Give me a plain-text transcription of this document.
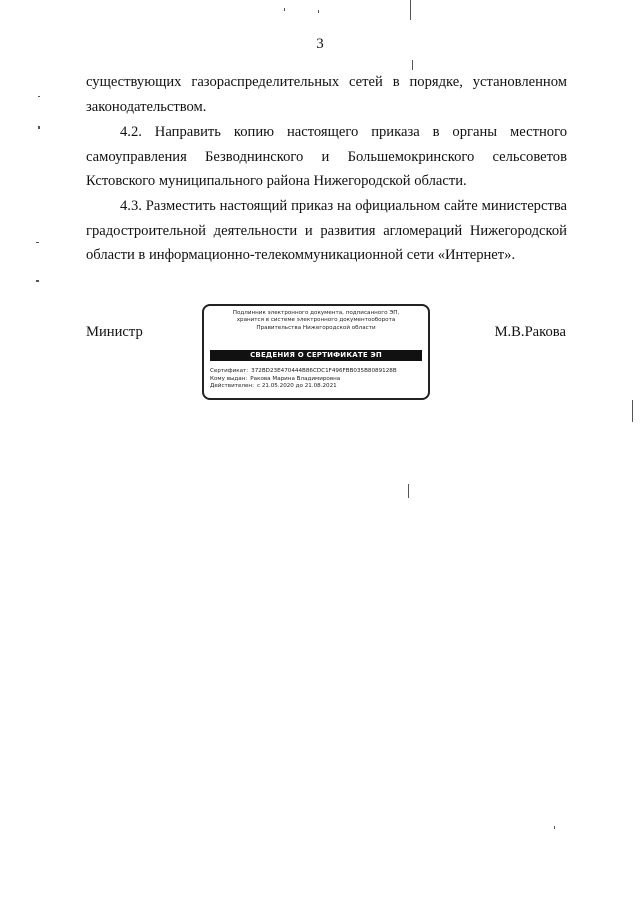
3
существующих газораспределительных сетей в порядке, установленном законодательством.
4.2. Направить копию настоящего приказа в органы местного самоуправления Безводнинского и Большемокринского сельсоветов Кстовского муниципального района Нижегородской области.
4.3. Разместить настоящий приказ на официальном сайте министерства градостроительной деятельности и развития агломераций Нижегородской области в информационно-телекоммуникационной сети «Интернет».
Министр	М.В.Ракова
Подлинник электронного документа, подписанного ЭП,
хранится в системе электронного документооборота
Правительства Нижегородской области
СВЕДЕНИЯ О СЕРТИФИКАТЕ ЭП
Сертификат: 372BD23E470444B86CDC1F496FBB035B8089128B
Кому выдан: Ракова Марина Владимировна
Действителен: с 21.05.2020 до 21.08.2021
